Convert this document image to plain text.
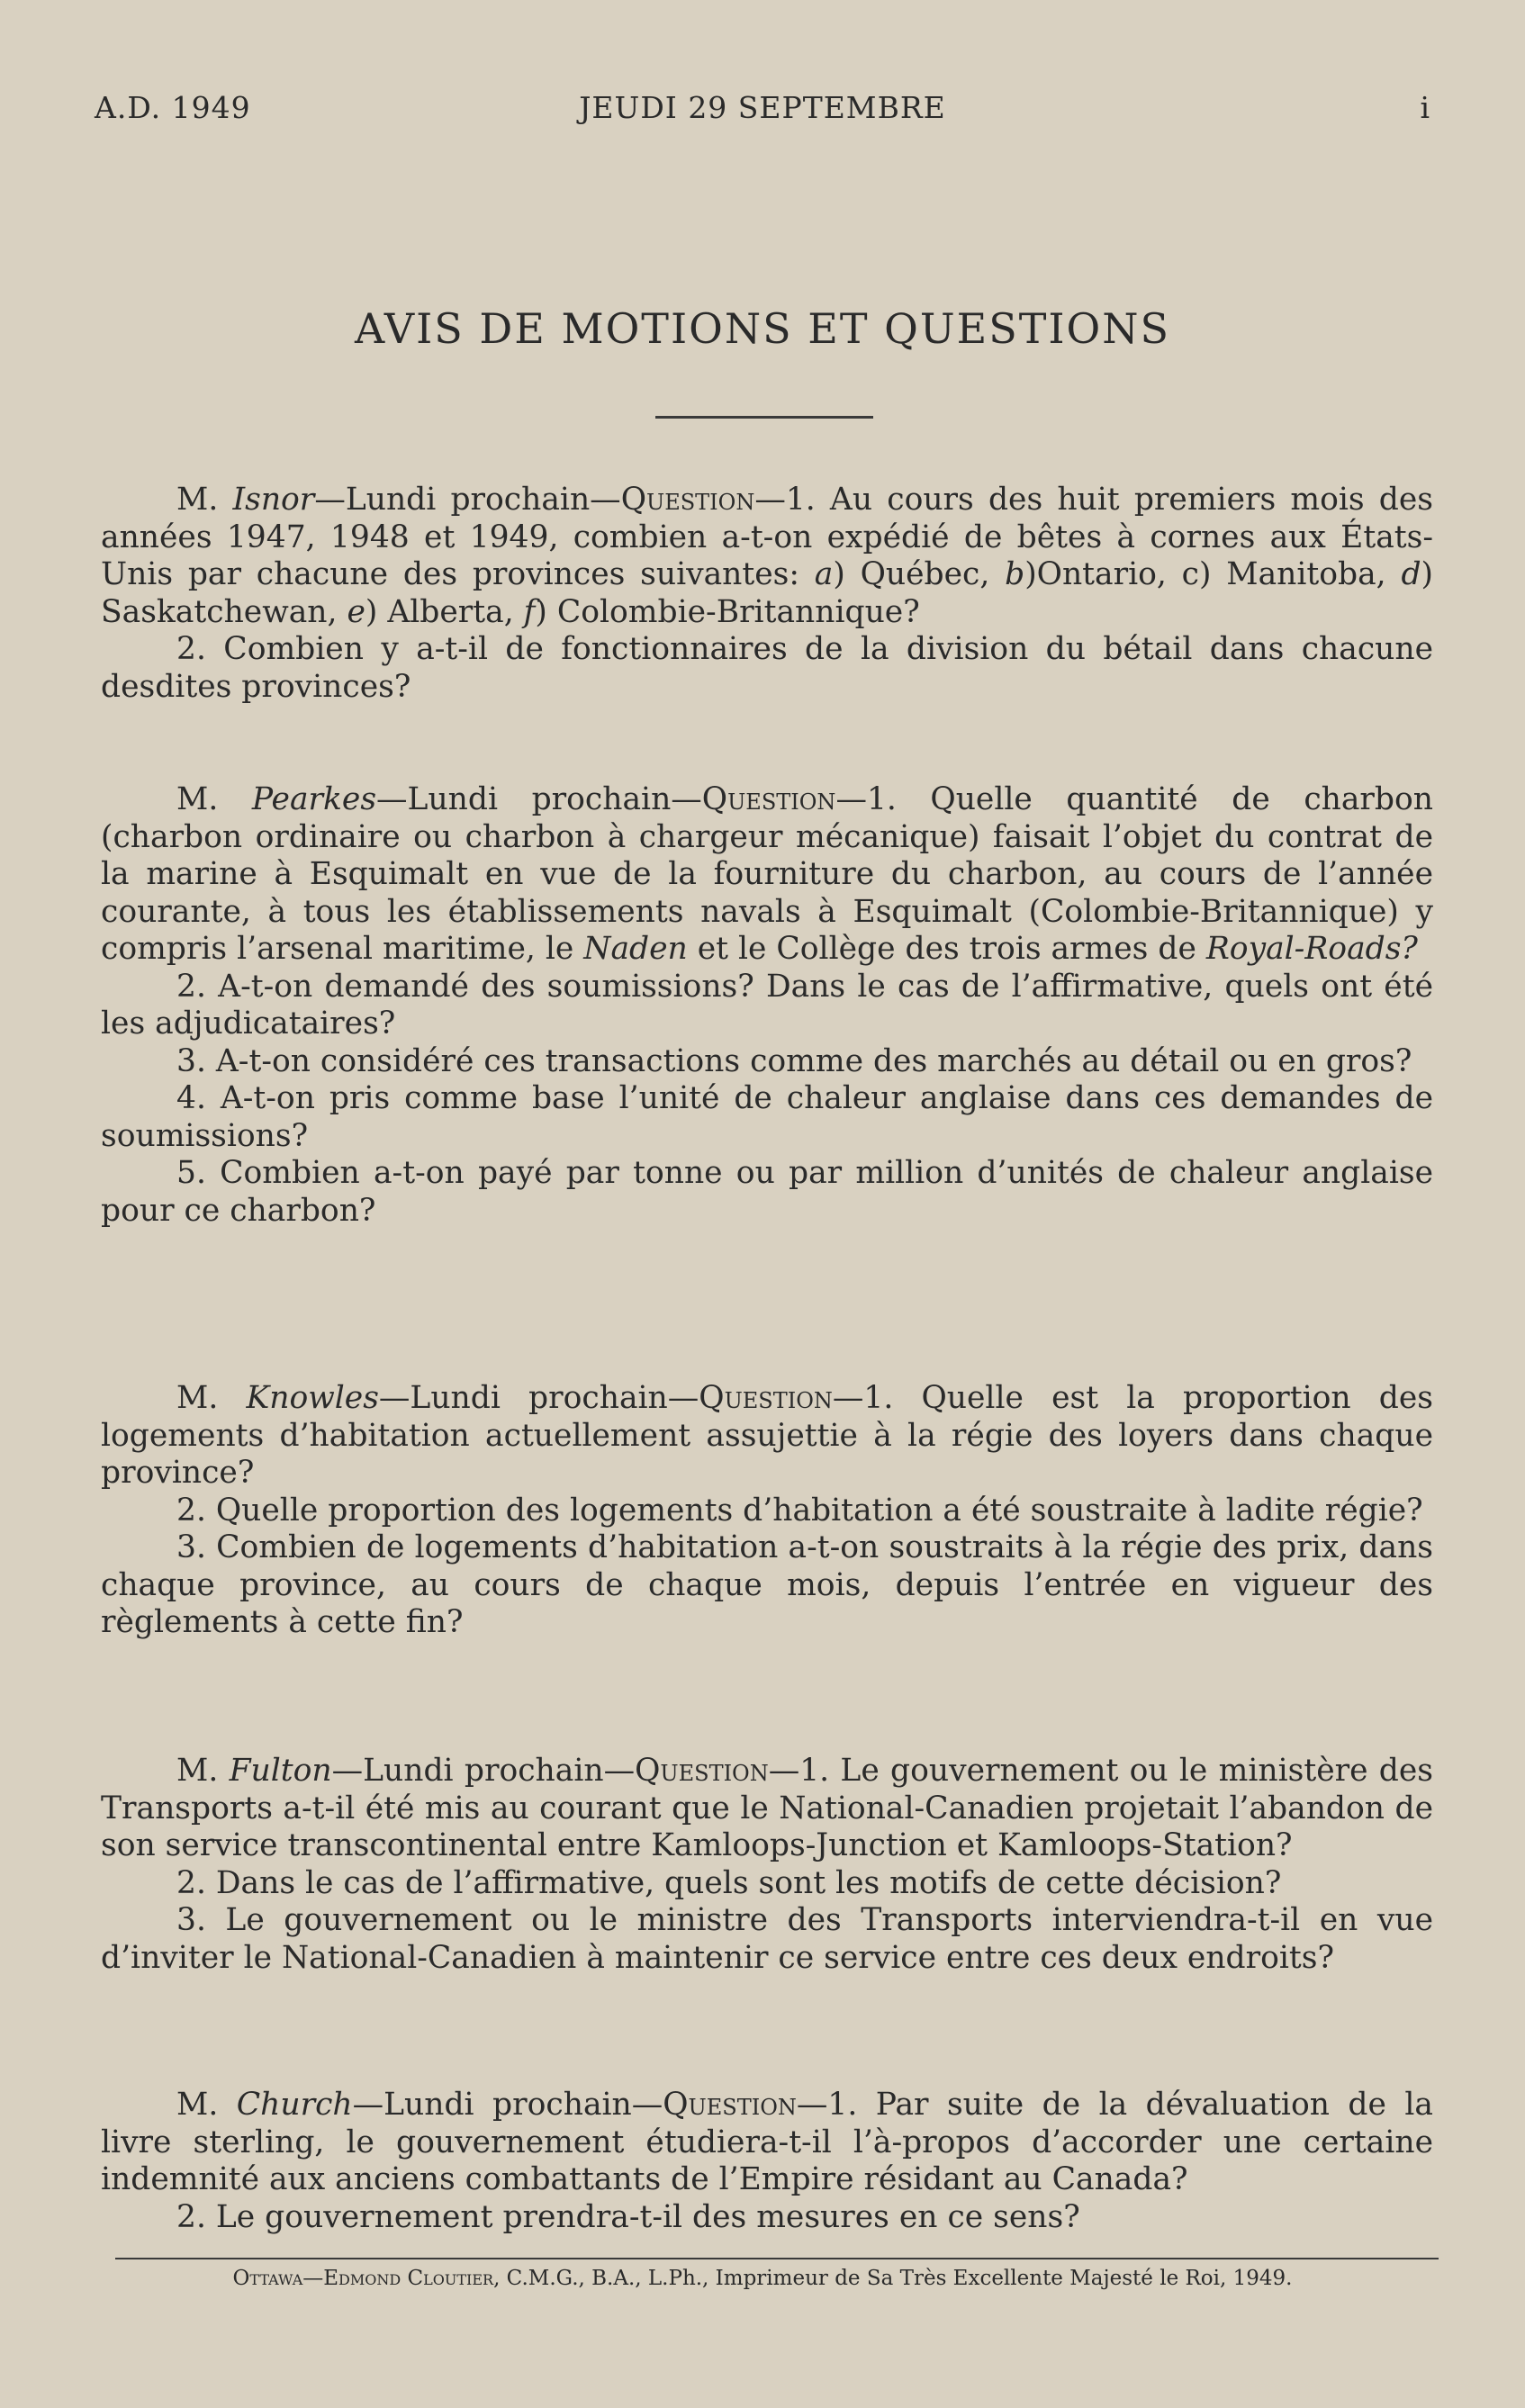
A.D. 1949	JEUDI 29 SEPTEMBRE	i
AVIS DE MOTIONS ET QUESTIONS

M. Isnor—Lundi prochain—Question—1. Au cours des huit premiers mois des années 1947, 1948 et 1949, combien a-t-on expédié de bêtes à cornes aux États-Unis par chacune des provinces suivantes: a) Québec, b)Ontario, c) Manitoba, d) Saskatchewan, e) Alberta, f) Colombie-Britannique?

2. Combien y a-t-il de fonctionnaires de la division du bétail dans chacune desdites provinces?

M. Pearkes—Lundi prochain—Question—1. Quelle quantité de charbon (charbon ordinaire ou charbon à chargeur mécanique) faisait l’objet du contrat de la marine à Esquimalt en vue de la fourniture du charbon, au cours de l’année courante, à tous les établissements navals à Esquimalt (Colombie-Britannique) y compris l’arsenal maritime, le Naden et le Collège des trois armes de Royal-Roads?

2. A-t-on demandé des soumissions? Dans le cas de l’affirmative, quels ont été les adjudicataires?

3. A-t-on considéré ces transactions comme des marchés au détail ou en gros?

4. A-t-on pris comme base l’unité de chaleur anglaise dans ces demandes de soumissions?

5. Combien a-t-on payé par tonne ou par million d’unités de chaleur anglaise pour ce charbon?

M. Knowles—Lundi prochain—Question—1. Quelle est la proportion des logements d’habitation actuellement assujettie à la régie des loyers dans chaque province?

2. Quelle proportion des logements d’habitation a été soustraite à ladite régie?

3. Combien de logements d’habitation a-t-on soustraits à la régie des prix, dans chaque province, au cours de chaque mois, depuis l’entrée en vigueur des règlements à cette fin?

M. Fulton—Lundi prochain—Question—1. Le gouvernement ou le ministère des Transports a-t-il été mis au courant que le National-Canadien projetait l’abandon de son service transcontinental entre Kamloops-Junction et Kamloops-Station?

2. Dans le cas de l’affirmative, quels sont les motifs de cette décision?

3. Le gouvernement ou le ministre des Transports interviendra-t-il en vue d’inviter le National-Canadien à maintenir ce service entre ces deux endroits?

M. Church—Lundi prochain—Question—1. Par suite de la dévaluation de la livre sterling, le gouvernement étudiera-t-il l’à-propos d’accorder une certaine indemnité aux anciens combattants de l’Empire résidant au Canada?

2. Le gouvernement prendra-t-il des mesures en ce sens?

Ottawa—Edmond Cloutier, C.M.G., B.A., L.Ph., Imprimeur de Sa Très Excellente Majesté le Roi, 1949.
